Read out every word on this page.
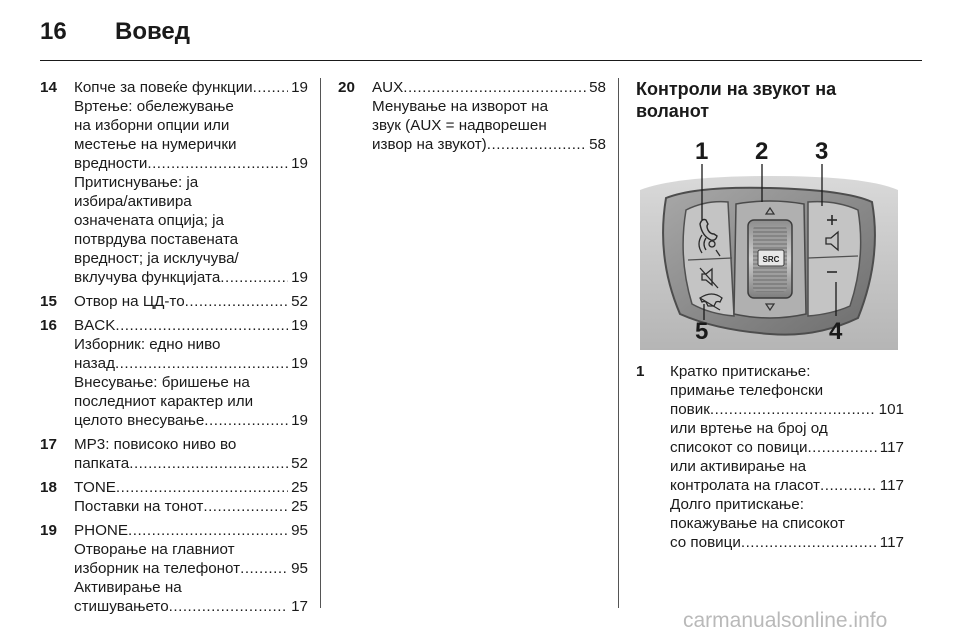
16 Вовед
14 Копче за повеќе функции .....	19
Вртење: обележување
на изборни опции или
местење на нумерички
вредности .....	19
Притиснување: ја
избира/активира
означената опција; ја
потврдува поставената
вредност; ја исклучува/
вклучува функцијата .....	19
15 Отвор на ЦД-то .....	52
16 BACK .....	19
Изборник: едно ниво
назад .....	19
Внесување: бришење на
последниот карактер или
целото внесување .....	19
17 MP3: повисоко ниво во
папката .....	52
18 TONE .....	25
Поставки на тонот .....	25
19 PHONE .....	95
Отворање на главниот
изборник на телефонот .....	95
Активирање на
стишувањето .....	17
20 AUX .....	58
Менување на изворот на
звук (AUX = надворешен
извор на звукот) .....	58
Контроли на звукот на
воланот
SRC
1 2 3
4
5
1 Кратко притискање:
примање телефонски
повик .....	101
или вртење на број од
списокот со повици .....	117
или активирање на
контролата на гласот .....	117
Долго притискање:
покажување на списокот
со повици .....	117
carmanualsonline.info
